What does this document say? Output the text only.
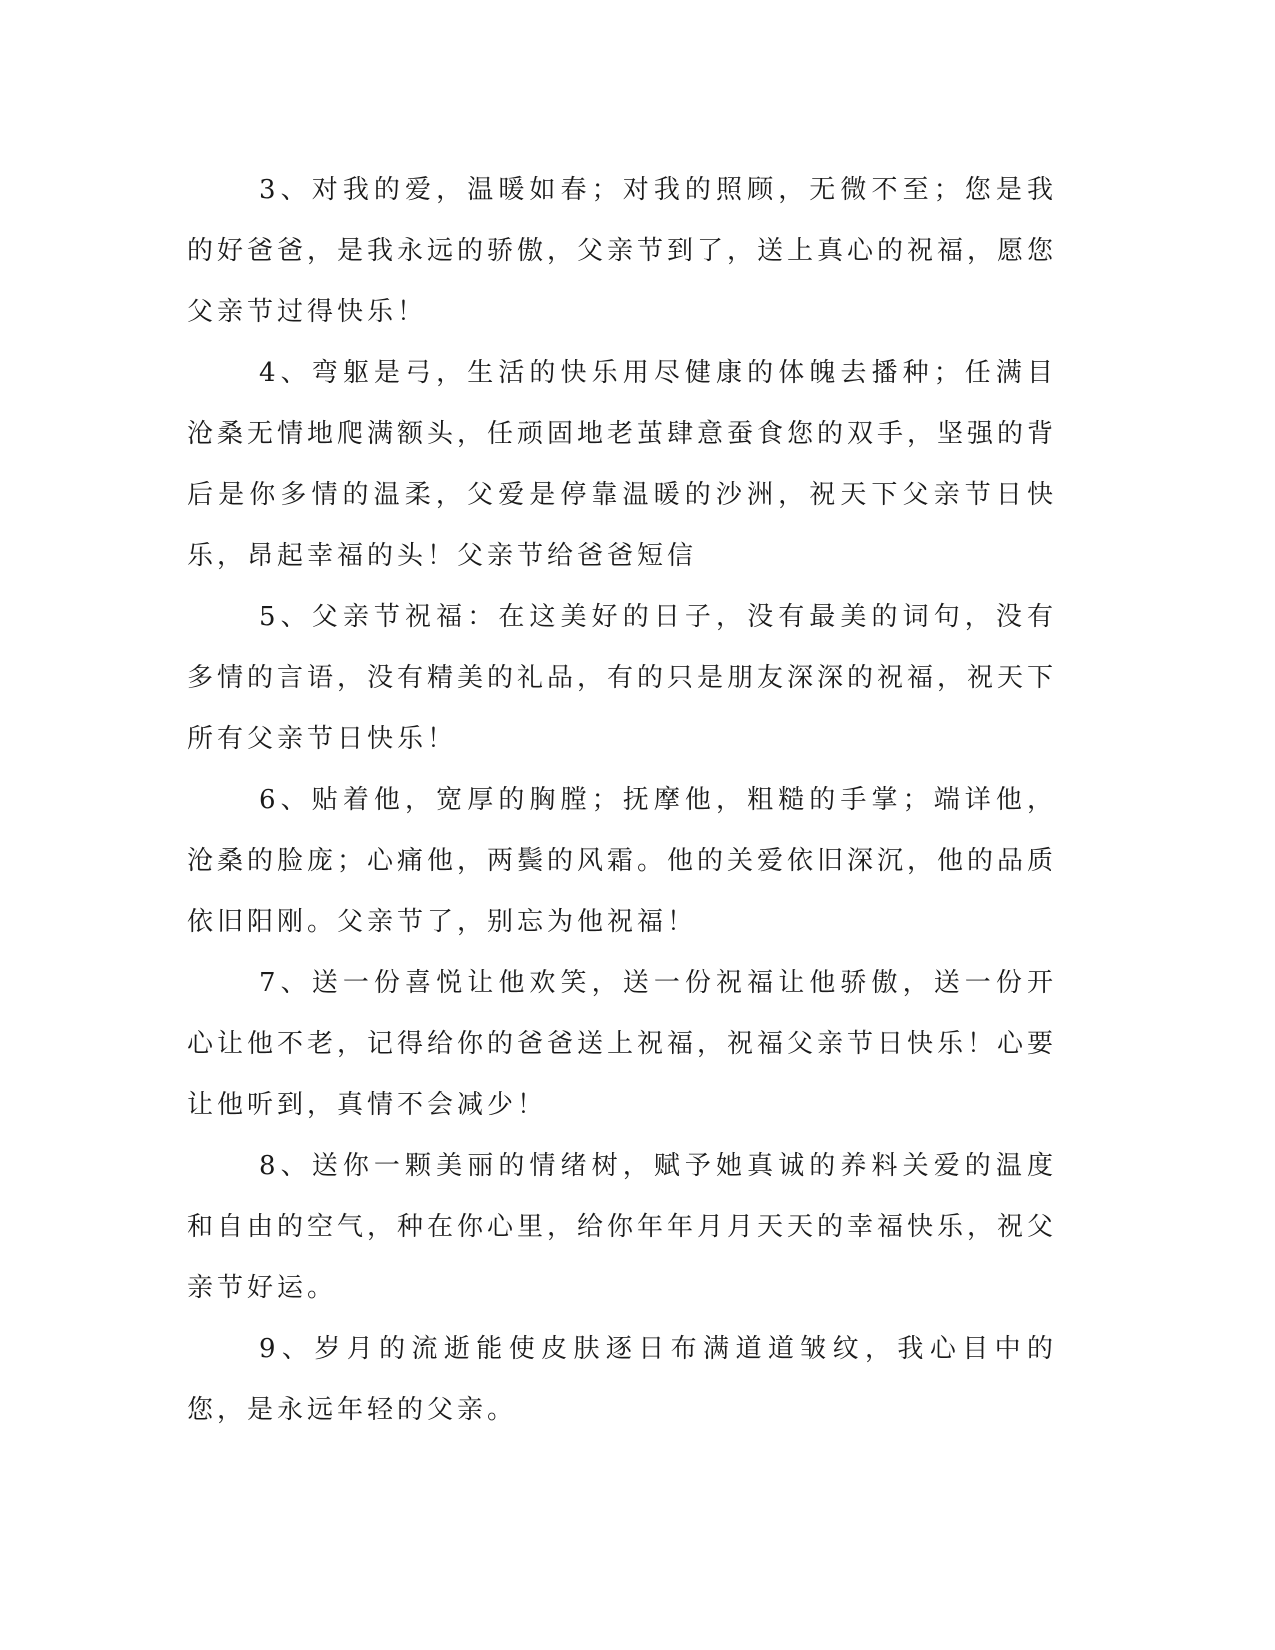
3、对我的爱，温暖如春；对我的照顾，无微不至；您是我的好爸爸，是我永远的骄傲，父亲节到了，送上真心的祝福，愿您父亲节过得快乐！

4、弯躯是弓，生活的快乐用尽健康的体魄去播种；任满目沧桑无情地爬满额头，任顽固地老茧肆意蚕食您的双手，坚强的背后是你多情的温柔，父爱是停靠温暖的沙洲，祝天下父亲节日快乐，昂起幸福的头！父亲节给爸爸短信

5、父亲节祝福：在这美好的日子，没有最美的词句，没有多情的言语，没有精美的礼品，有的只是朋友深深的祝福，祝天下所有父亲节日快乐！

6、贴着他，宽厚的胸膛；抚摩他，粗糙的手掌；端详他，沧桑的脸庞；心痛他，两鬓的风霜。他的关爱依旧深沉，他的品质依旧阳刚。父亲节了，别忘为他祝福！

7、送一份喜悦让他欢笑，送一份祝福让他骄傲，送一份开心让他不老，记得给你的爸爸送上祝福，祝福父亲节日快乐！心要让他听到，真情不会减少！

8、送你一颗美丽的情绪树，赋予她真诚的养料关爱的温度和自由的空气，种在你心里，给你年年月月天天的幸福快乐，祝父亲节好运。

9、岁月的流逝能使皮肤逐日布满道道皱纹，我心目中的您，是永远年轻的父亲。
